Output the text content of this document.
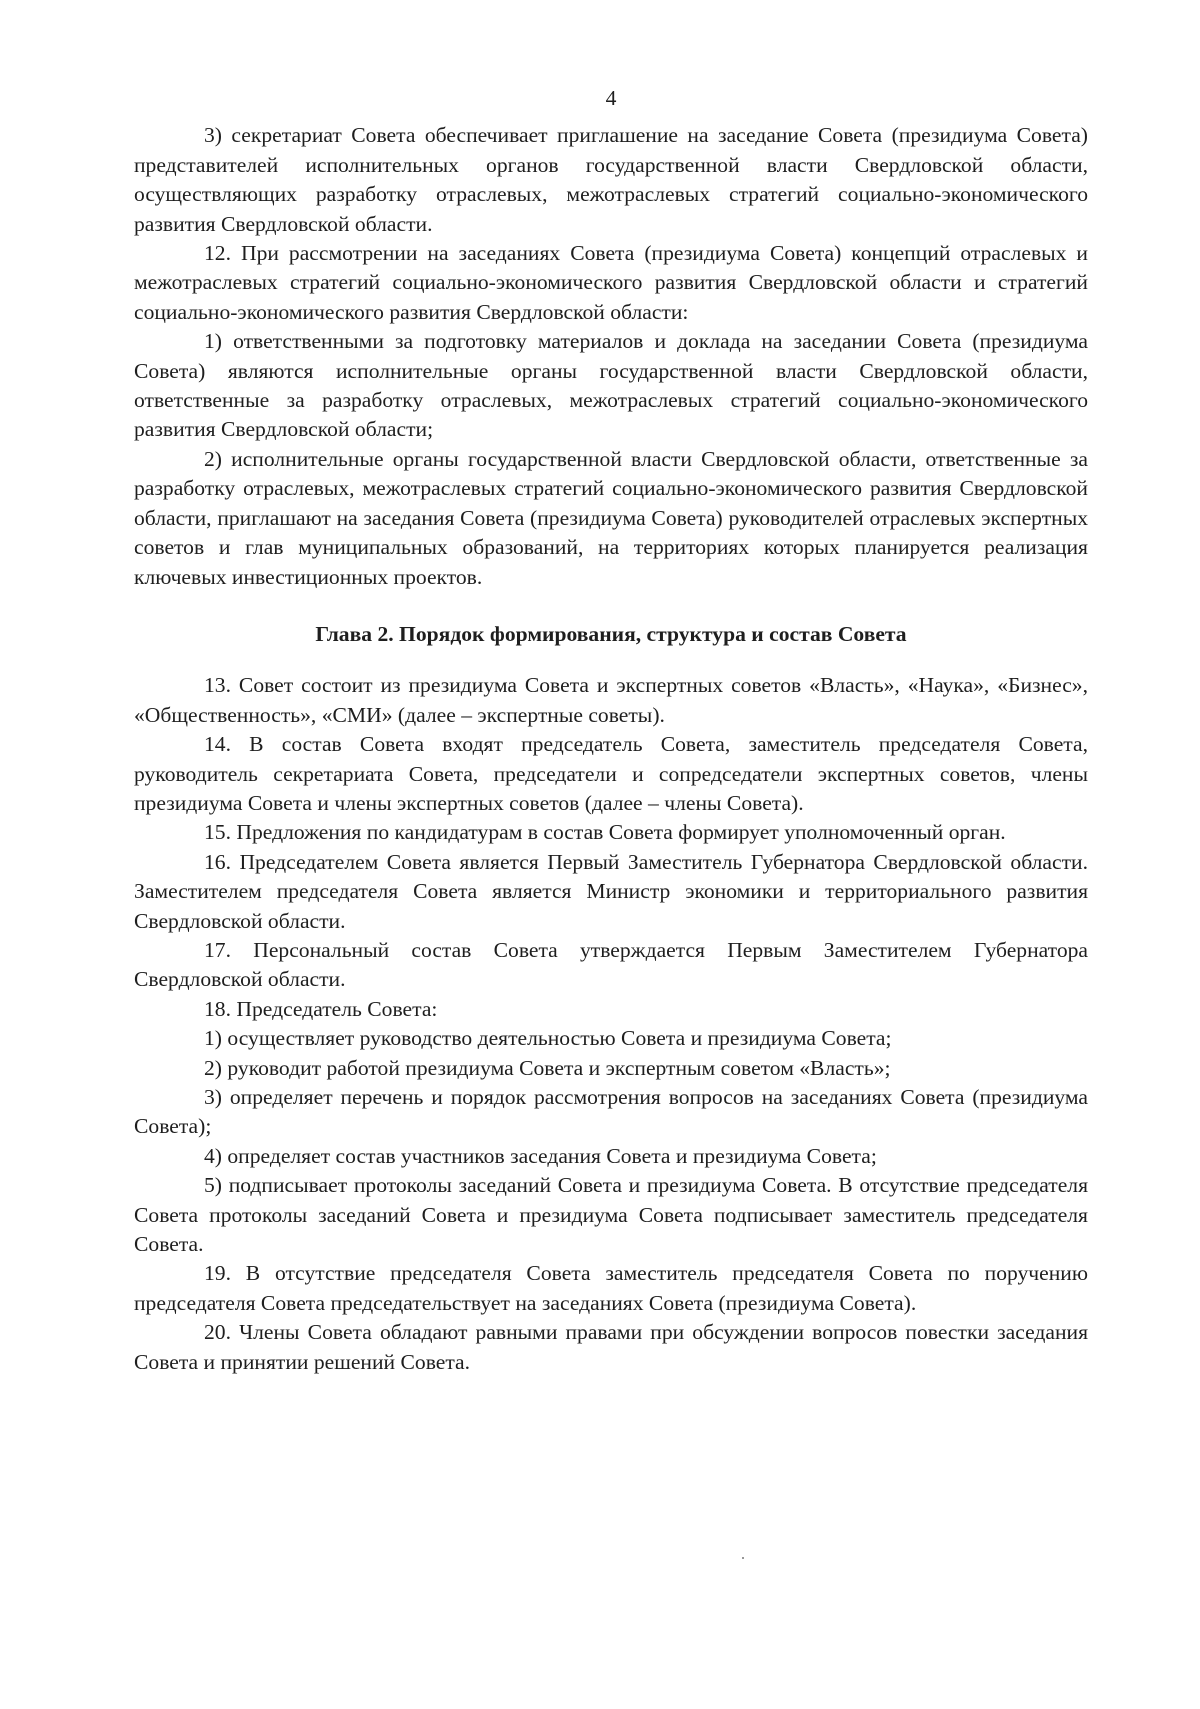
4

3) секретариат Совета обеспечивает приглашение на заседание Совета (президиума Совета) представителей исполнительных органов государственной власти Свердловской области, осуществляющих разработку отраслевых, межотраслевых стратегий социально-экономического развития Свердловской области.

12. При рассмотрении на заседаниях Совета (президиума Совета) концепций отраслевых и межотраслевых стратегий социально-экономического развития Свердловской области и стратегий социально-экономического развития Свердловской области:

1) ответственными за подготовку материалов и доклада на заседании Совета (президиума Совета) являются исполнительные органы государственной власти Свердловской области, ответственные за разработку отраслевых, межотраслевых стратегий социально-экономического развития Свердловской области;

2) исполнительные органы государственной власти Свердловской области, ответственные за разработку отраслевых, межотраслевых стратегий социально-экономического развития Свердловской области, приглашают на заседания Совета (президиума Совета) руководителей отраслевых экспертных советов и глав муниципальных образований, на территориях которых планируется реализация ключевых инвестиционных проектов.

Глава 2. Порядок формирования, структура и состав Совета

13. Совет состоит из президиума Совета и экспертных советов «Власть», «Наука», «Бизнес», «Общественность», «СМИ» (далее – экспертные советы).

14. В состав Совета входят председатель Совета, заместитель председателя Совета, руководитель секретариата Совета, председатели и сопредседатели экспертных советов, члены президиума Совета и члены экспертных советов (далее – члены Совета).

15. Предложения по кандидатурам в состав Совета формирует уполномоченный орган.

16. Председателем Совета является Первый Заместитель Губернатора Свердловской области. Заместителем председателя Совета является Министр экономики и территориального развития Свердловской области.

17. Персональный состав Совета утверждается Первым Заместителем Губернатора Свердловской области.

18. Председатель Совета:

1) осуществляет руководство деятельностью Совета и президиума Совета;

2) руководит работой президиума Совета и экспертным советом «Власть»;

3) определяет перечень и порядок рассмотрения вопросов на заседаниях Совета (президиума Совета);

4) определяет состав участников заседания Совета и президиума Совета;

5) подписывает протоколы заседаний Совета и президиума Совета. В отсутствие председателя Совета протоколы заседаний Совета и президиума Совета подписывает заместитель председателя Совета.

19. В отсутствие председателя Совета заместитель председателя Совета по поручению председателя Совета председательствует на заседаниях Совета (президиума Совета).

20. Члены Совета обладают равными правами при обсуждении вопросов повестки заседания Совета и принятии решений Совета.
